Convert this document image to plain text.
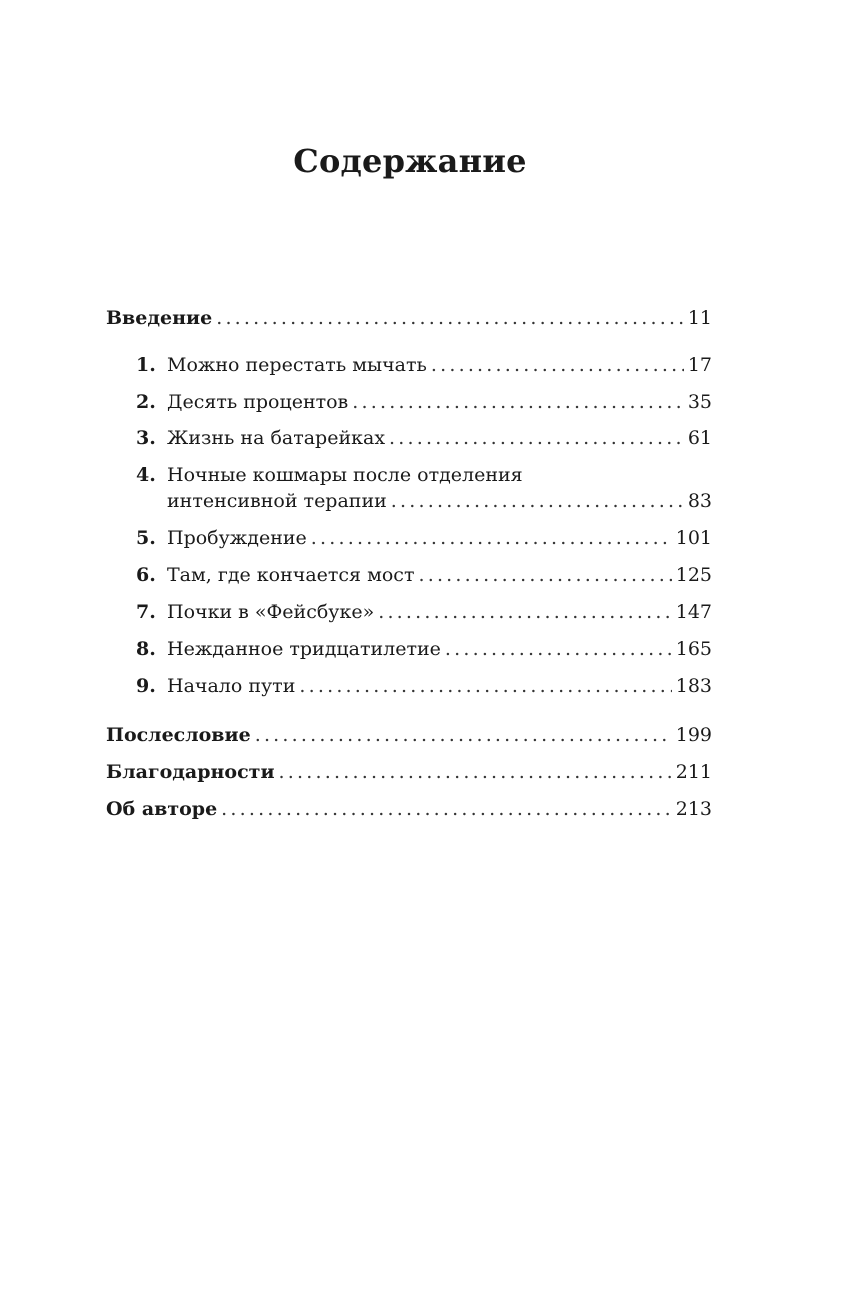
Содержание
Введение .....	11
1. Можно перестать мычать .....	17
2. Десять процентов .....	35
3. Жизнь на батарейках .....	61
4. Ночные кошмары после отделения
интенсивной терапии .....	83
5. Пробуждение .....	101
6. Там, где кончается мост .....	125
7. Почки в «Фейсбуке» .....	147
8. Нежданное тридцатилетие .....	165
9. Начало пути .....	183
Послесловие .....	199
Благодарности .....	211
Об авторе .....	213
